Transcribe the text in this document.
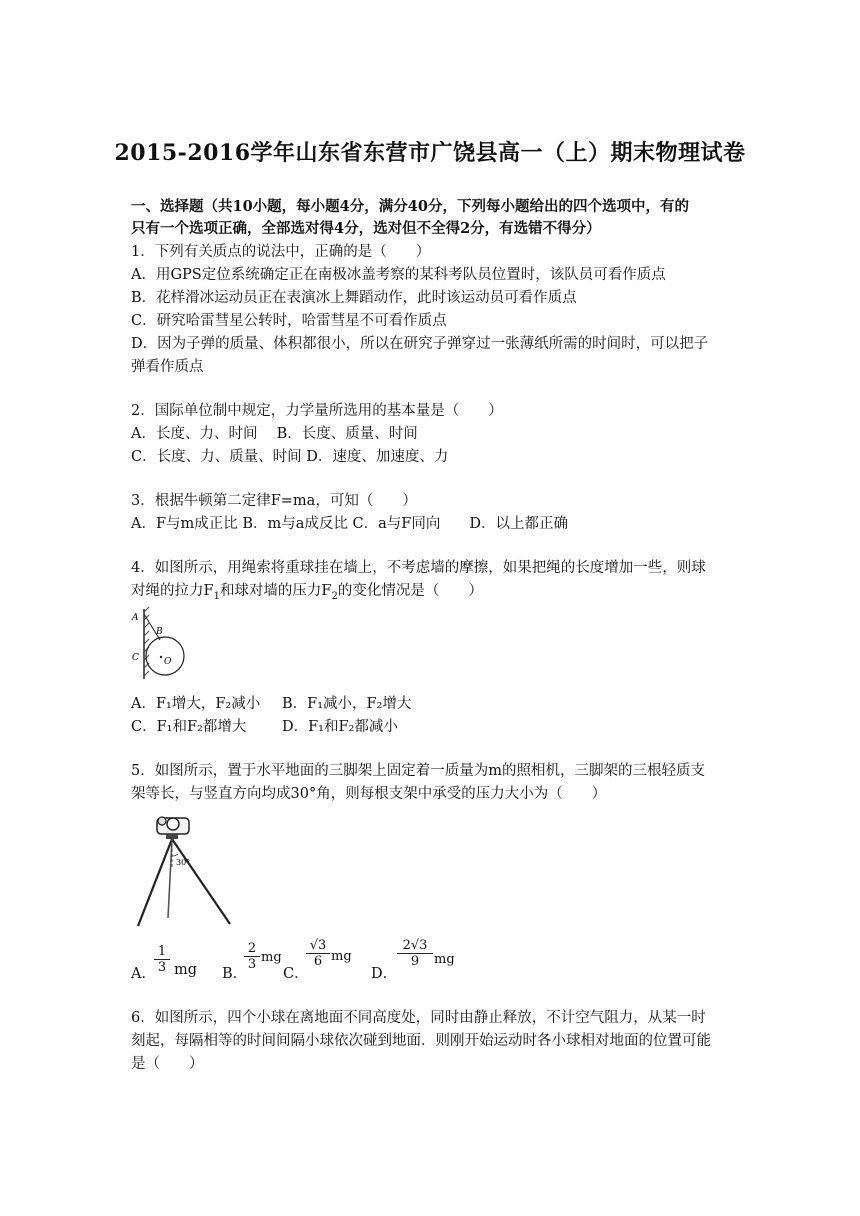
2015-2016学年山东省东营市广饶县高一（上）期末物理试卷
一、选择题（共10小题，每小题4分，满分40分，下列每小题给出的四个选项中，有的
只有一个选项正确，全部选对得4分，选对但不全得2分，有选错不得分）
1．下列有关质点的说法中，正确的是（　　）
A．用GPS定位系统确定正在南极冰盖考察的某科考队员位置时，该队员可看作质点
B．花样滑冰运动员正在表演冰上舞蹈动作，此时该运动员可看作质点
C．研究哈雷彗星公转时，哈雷彗星不可看作质点
D．因为子弹的质量、体积都很小，所以在研究子弹穿过一张薄纸所需的时间时，可以把子
弹看作质点
2．国际单位制中规定，力学量所选用的基本量是（　　）
A．长度、力、时间　 B．长度、质量、时间
C．长度、力、质量、时间 D．速度、加速度、力
3．根据牛顿第二定律F=ma，可知（　　）
A．F与m成正比 B．m与a成反比 C．a与F同向　　D．以上都正确
4．如图所示，用绳索将重球挂在墙上，不考虑墙的摩擦，如果把绳的长度增加一些，则球
对绳的拉力$F_1$和球对墙的压力$F_2$的变化情况是（　　）
A
B
C	O
A．F₁增大，F₂减小 B．F₁减小，F₂增大
C．F₁和F₂都增大 D．F₁和F₂都减小
5．如图所示，置于水平地面的三脚架上固定着一质量为m的照相机，三脚架的三根轻质支
架等长，与竖直方向均成30°角，则每根支架中承受的压力大小为（　　）
30°
A．
$\frac{1}{3}$ mg B．
$\frac{2}{3}$ mg
C．
$\frac{√3}{6}$ mg
D．
$\frac{2√3}{9}$ mg
6．如图所示，四个小球在离地面不同高度处，同时由静止释放，不计空气阻力，从某一时
刻起，每隔相等的时间间隔小球依次碰到地面．则刚开始运动时各小球相对地面的位置可能
是（　　）
